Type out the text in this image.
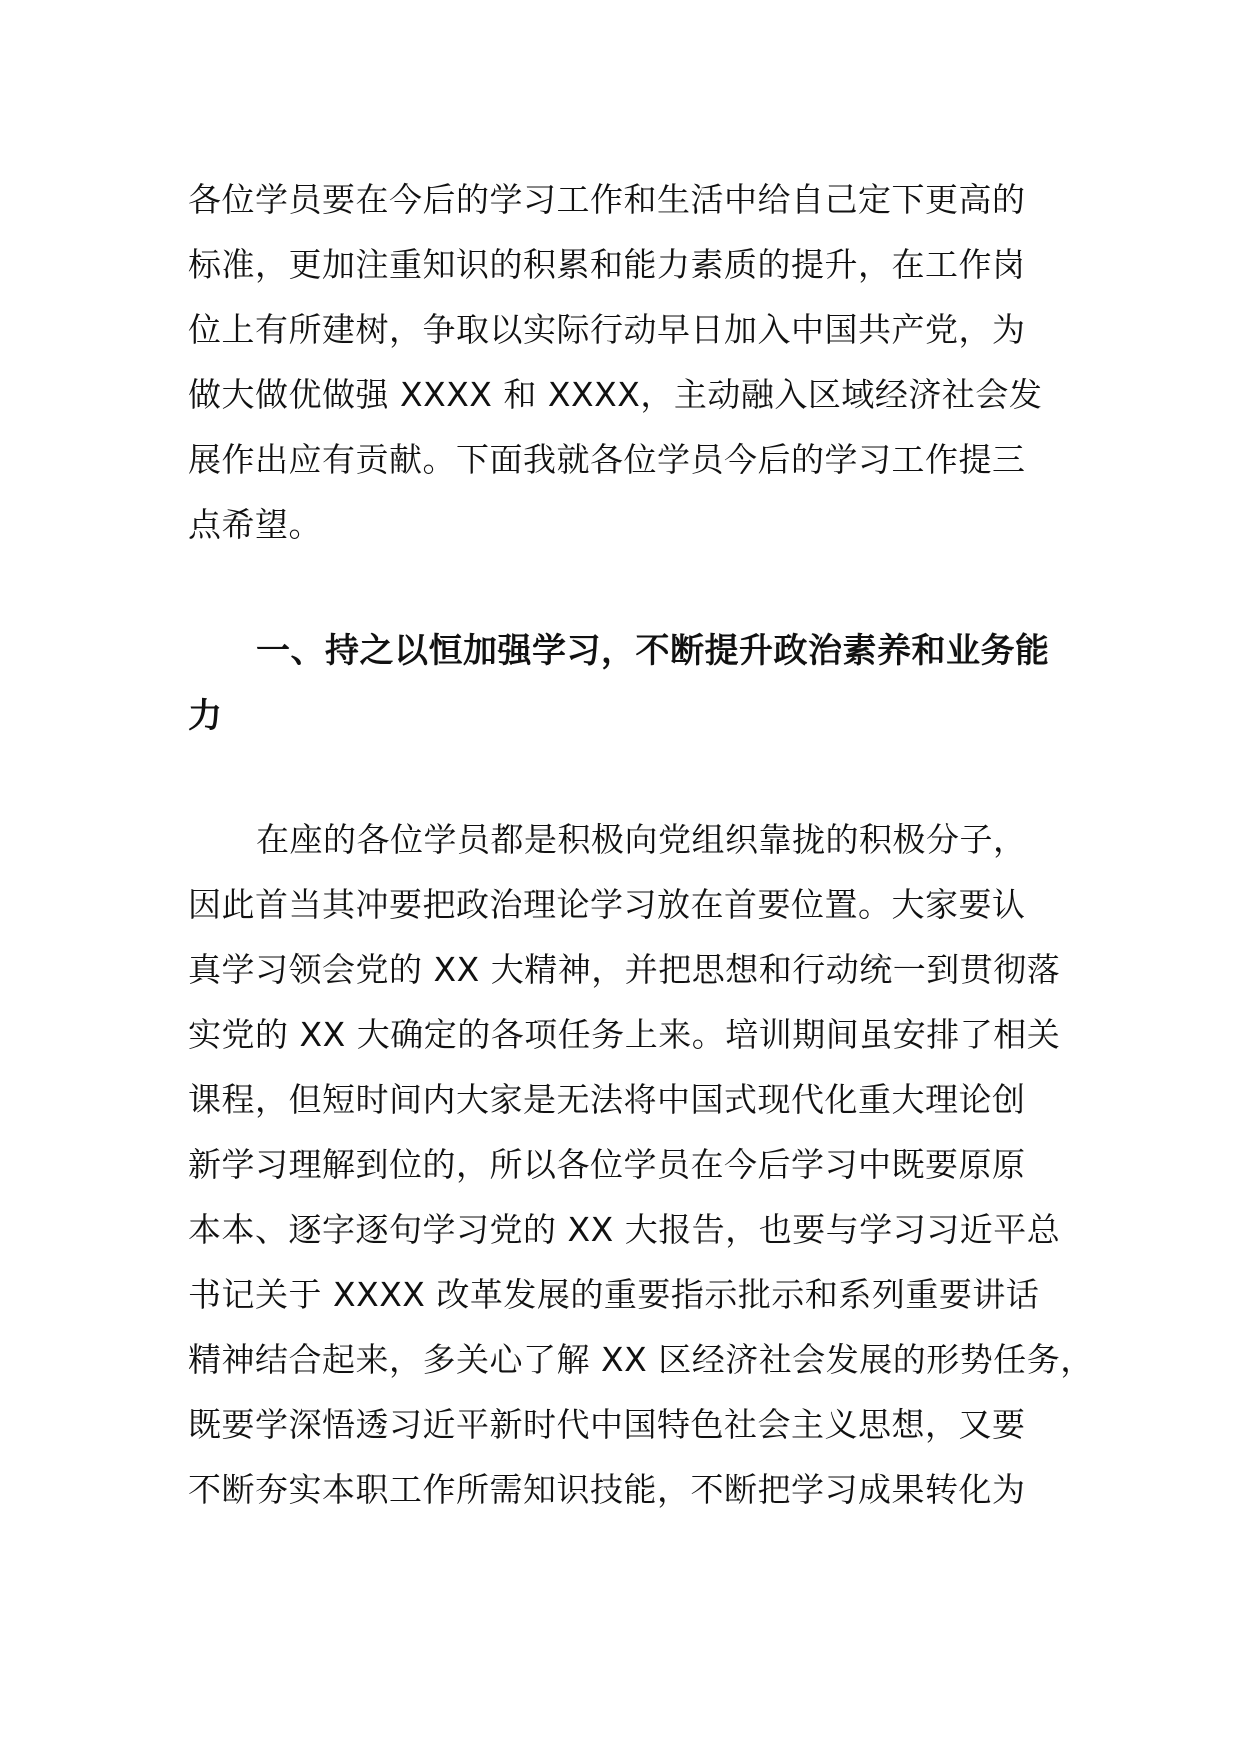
各位学员要在今后的学习工作和生活中给自己定下更高的
标准，更加注重知识的积累和能力素质的提升，在工作岗
位上有所建树，争取以实际行动早日加入中国共产党，为
做大做优做强 XXXX 和 XXXX，主动融入区域经济社会发
展作出应有贡献。下面我就各位学员今后的学习工作提三
点希望。
一、持之以恒加强学习，不断提升政治素养和业务能
力
在座的各位学员都是积极向党组织靠拢的积极分子，
因此首当其冲要把政治理论学习放在首要位置。大家要认
真学习领会党的 XX 大精神，并把思想和行动统一到贯彻落
实党的 XX 大确定的各项任务上来。培训期间虽安排了相关
课程，但短时间内大家是无法将中国式现代化重大理论创
新学习理解到位的，所以各位学员在今后学习中既要原原
本本、逐字逐句学习党的 XX 大报告，也要与学习习近平总
书记关于 XXXX 改革发展的重要指示批示和系列重要讲话
精神结合起来，多关心了解 XX 区经济社会发展的形势任务，
既要学深悟透习近平新时代中国特色社会主义思想，又要
不断夯实本职工作所需知识技能，不断把学习成果转化为
